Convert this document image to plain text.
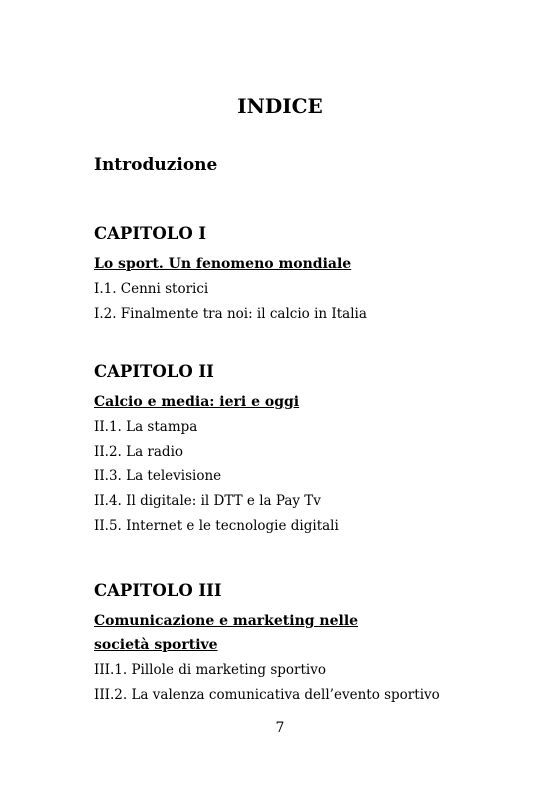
INDICE
Introduzione
CAPITOLO I
Lo sport. Un fenomeno mondiale
I.1. Cenni storici
I.2. Finalmente tra noi: il calcio in Italia
CAPITOLO II
Calcio e media: ieri e oggi
II.1. La stampa
II.2. La radio
II.3. La televisione
II.4. Il digitale: il DTT e la Pay Tv
II.5. Internet e le tecnologie digitali
CAPITOLO III
Comunicazione e marketing nelle società sportive
III.1. Pillole di marketing sportivo
III.2. La valenza comunicativa dell’evento sportivo
7
